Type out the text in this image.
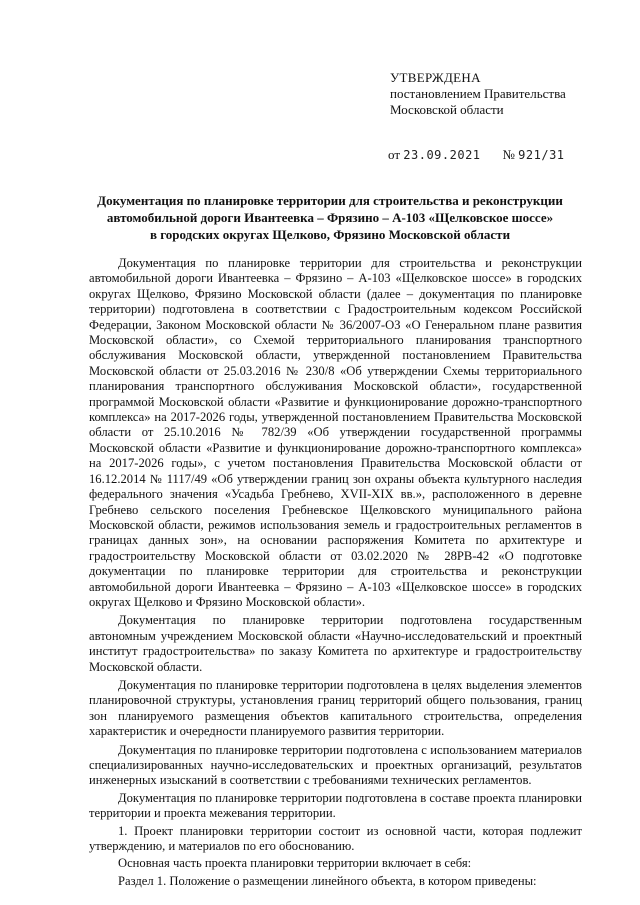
УТВЕРЖДЕНА
постановлением Правительства
Московской области
от 23.09.2021 № 921/31
Документация по планировке территории для строительства и реконструкции
автомобильной дороги Ивантеевка – Фрязино – А-103 «Щелковское шоссе»
в городских округах Щелково, Фрязино Московской области

Документация по планировке территории для строительства и реконструкции автомобильной дороги Ивантеевка – Фрязино – А-103 «Щелковское шоссе» в городских округах Щелково, Фрязино Московской области (далее – документация по планировке территории) подготовлена в соответствии с Градостроительным кодексом Российской Федерации, Законом Московской области № 36/2007-ОЗ «О Генеральном плане развития Московской области», со Схемой территориального планирования транспортного обслуживания Московской области, утвержденной постановлением Правительства Московской области от 25.03.2016 № 230/8 «Об утверждении Схемы территориального планирования транспортного обслуживания Московской области», государственной программой Московской области «Развитие и функционирование дорожно-транспортного комплекса» на 2017-2026 годы, утвержденной постановлением Правительства Московской области от 25.10.2016 № 782/39 «Об утверждении государственной программы Московской области «Развитие и функционирование дорожно-транспортного комплекса» на 2017-2026 годы», с учетом постановления Правительства Московской области от 16.12.2014 № 1117/49 «Об утверждении границ зон охраны объекта культурного наследия федерального значения «Усадьба Гребнево, XVII-XIX вв.», расположенного в деревне Гребнево сельского поселения Гребневское Щелковского муниципального района Московской области, режимов использования земель и градостроительных регламентов в границах данных зон», на основании распоряжения Комитета по архитектуре и градостроительству Московской области от 03.02.2020 № 28РВ-42 «О подготовке документации по планировке территории для строительства и реконструкции автомобильной дороги Ивантеевка – Фрязино – А-103 «Щелковское шоссе» в городских округах Щелково и Фрязино Московской области».

Документация по планировке территории подготовлена государственным автономным учреждением Московской области «Научно-исследовательский и проектный институт градостроительства» по заказу Комитета по архитектуре и градостроительству Московской области.

Документация по планировке территории подготовлена в целях выделения элементов планировочной структуры, установления границ территорий общего пользования, границ зон планируемого размещения объектов капитального строительства, определения характеристик и очередности планируемого развития территории.

Документация по планировке территории подготовлена с использованием материалов специализированных научно-исследовательских и проектных организаций, результатов инженерных изысканий в соответствии с требованиями технических регламентов.

Документация по планировке территории подготовлена в составе проекта планировки территории и проекта межевания территории.

1. Проект планировки территории состоит из основной части, которая подлежит утверждению, и материалов по его обоснованию.

Основная часть проекта планировки территории включает в себя:

Раздел 1. Положение о размещении линейного объекта, в котором приведены:
